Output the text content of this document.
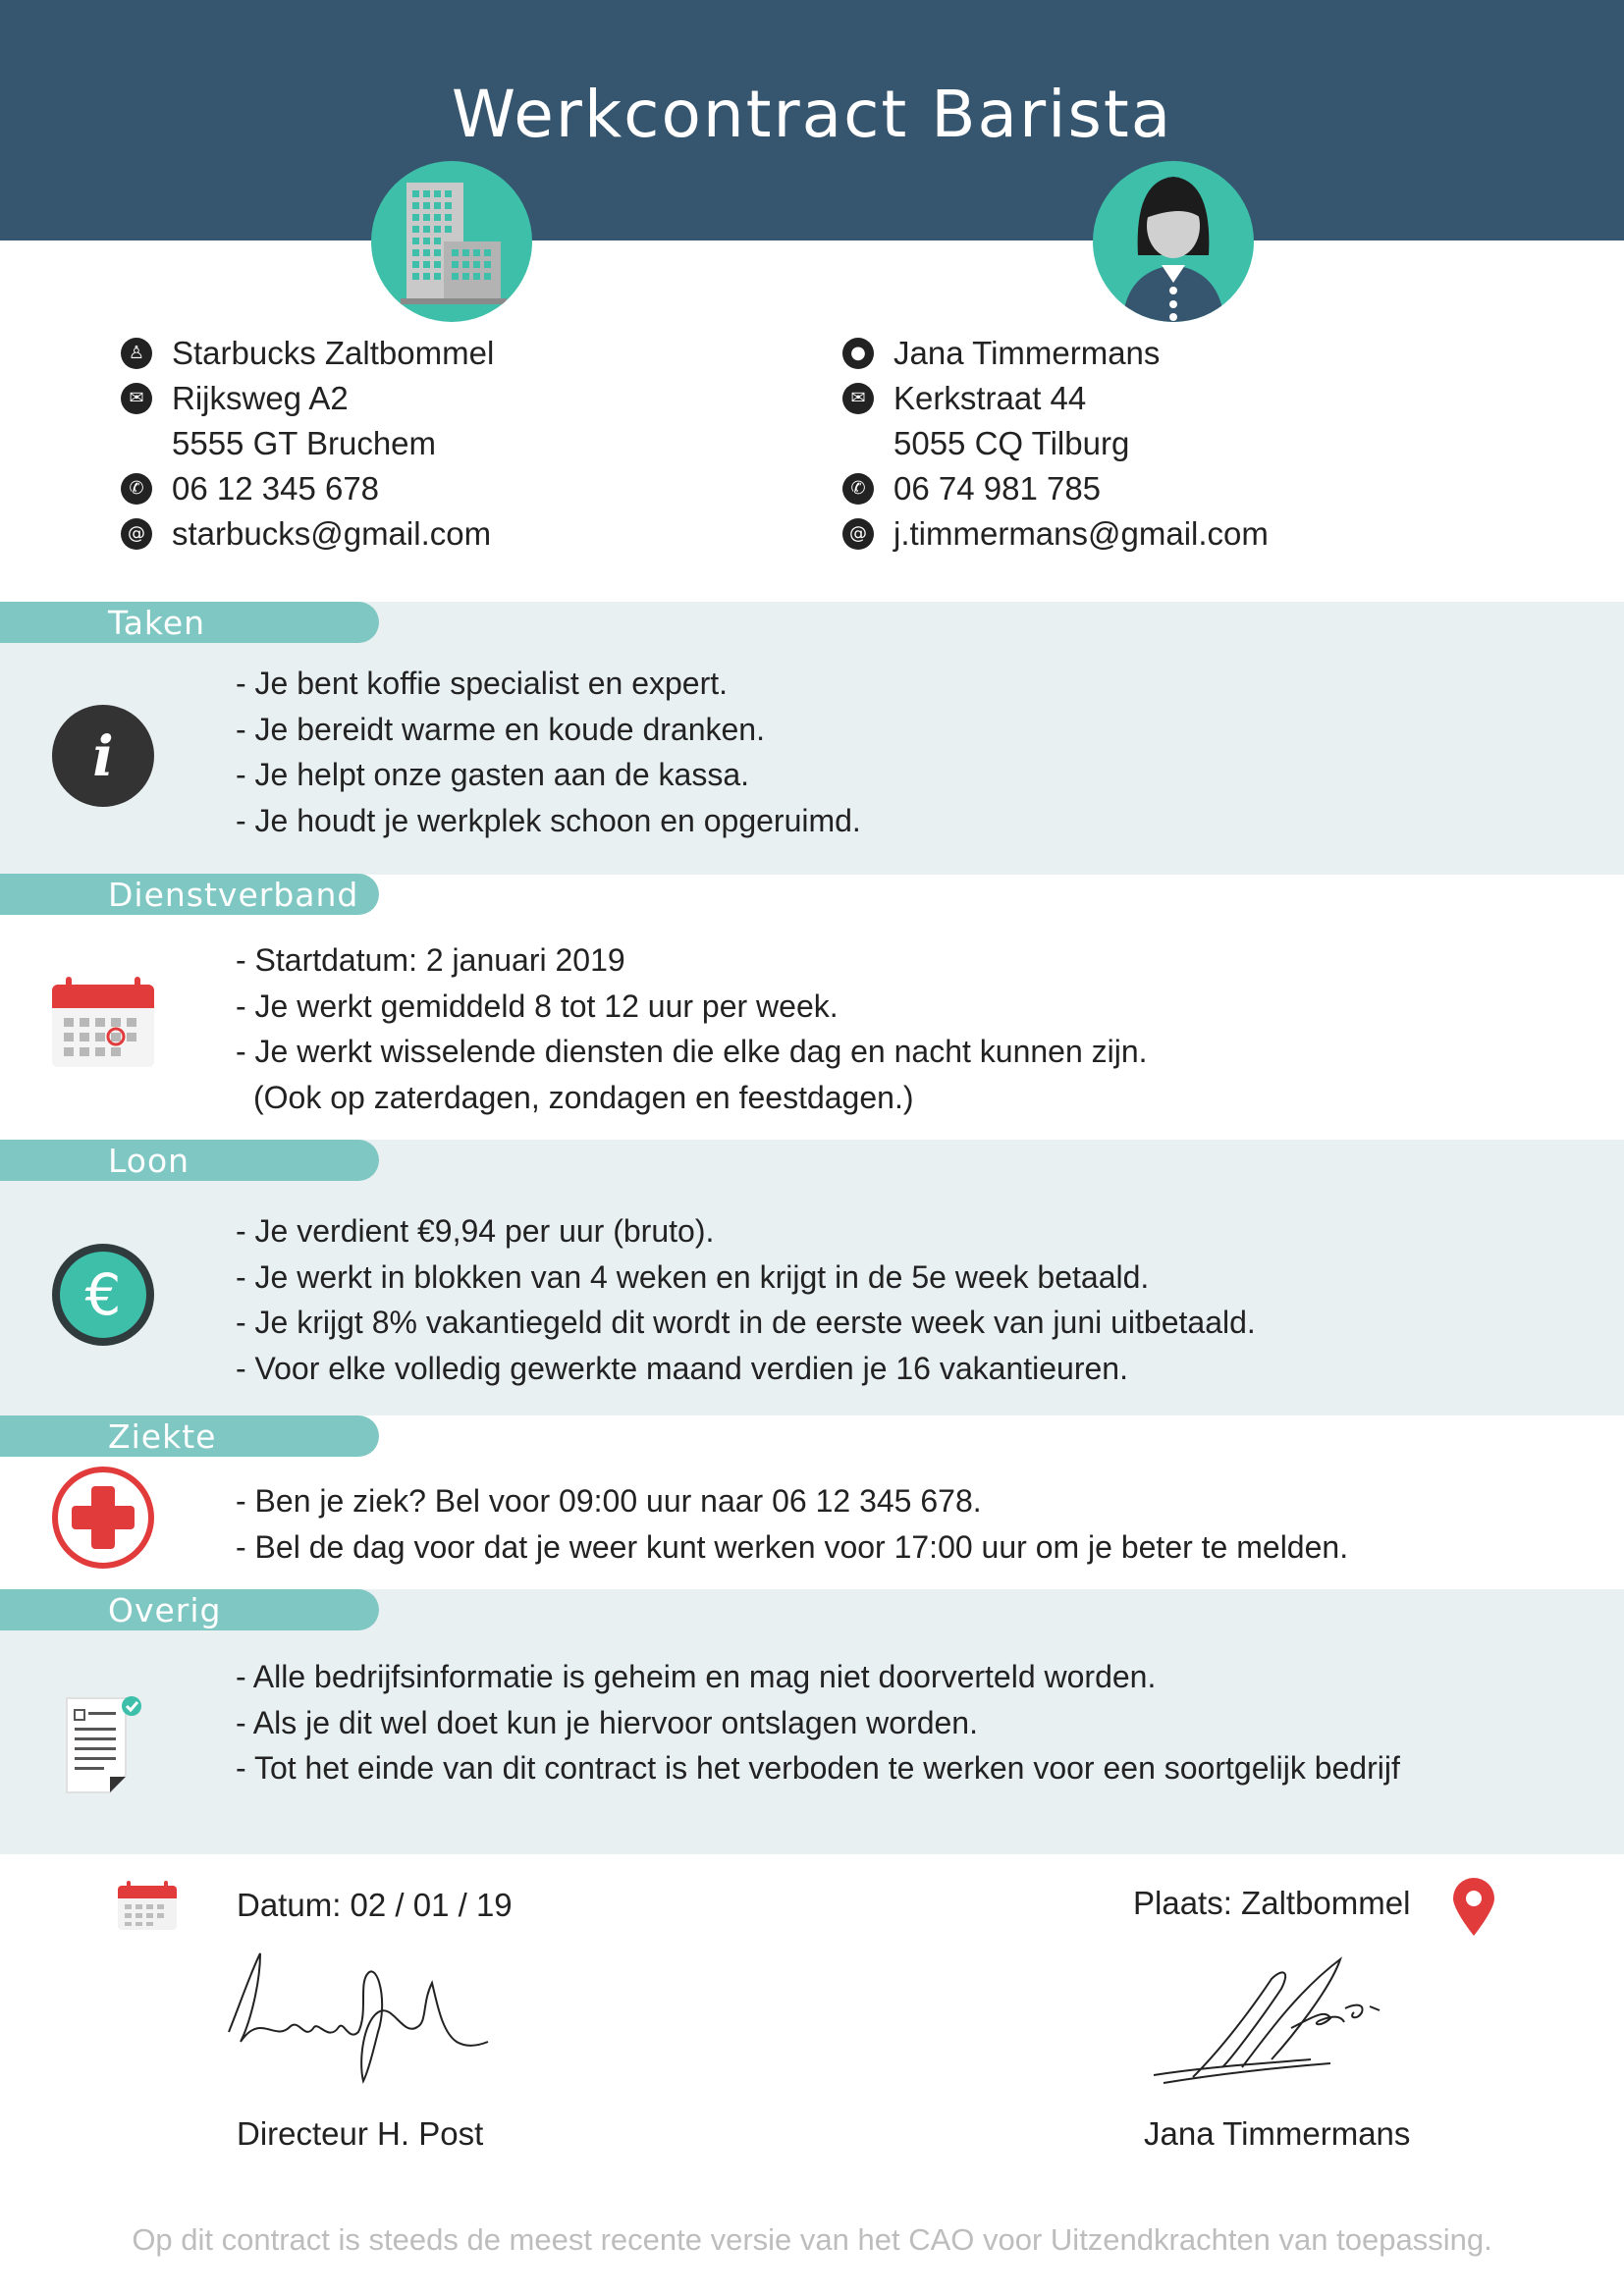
Werkcontract Barista
♙ Starbucks Zaltbommel
✉ Rijksweg A2
5555 GT Bruchem
✆ 06 12 345 678
@ starbucks@gmail.com
● Jana Timmermans
✉ Kerkstraat 44
5055 CQ Tilburg
✆ 06 74 981 785
@ j.timmermans@gmail.com
Taken
i
- Je bent koffie specialist en expert.
- Je bereidt warme en koude dranken.
- Je helpt onze gasten aan de kassa.
- Je houdt je werkplek schoon en opgeruimd.
Dienstverband
- Startdatum: 2 januari 2019
- Je werkt gemiddeld 8 tot 12 uur per week.
- Je werkt wisselende diensten die elke dag en nacht kunnen zijn.
(Ook op zaterdagen, zondagen en feestdagen.)
Loon
€
- Je verdient €9,94 per uur (bruto).
- Je werkt in blokken van 4 weken en krijgt in de 5e week betaald.
- Je krijgt 8% vakantiegeld dit wordt in de eerste week van juni uitbetaald.
- Voor elke volledig gewerkte maand verdien je 16 vakantieuren.
Ziekte
- Ben je ziek? Bel voor 09:00 uur naar 06 12 345 678.
- Bel de dag voor dat je weer kunt werken voor 17:00 uur om je beter te melden.
Overig
- Alle bedrijfsinformatie is geheim en mag niet doorverteld worden.
- Als je dit wel doet kun je hiervoor ontslagen worden.
- Tot het einde van dit contract is het verboden te werken voor een soortgelijk bedrijf
Datum: 02 / 01 / 19	Plaats: Zaltbommel
Directeur H. Post	Jana Timmermans
Op dit contract is steeds de meest recente versie van het CAO voor Uitzendkrachten van toepassing.
